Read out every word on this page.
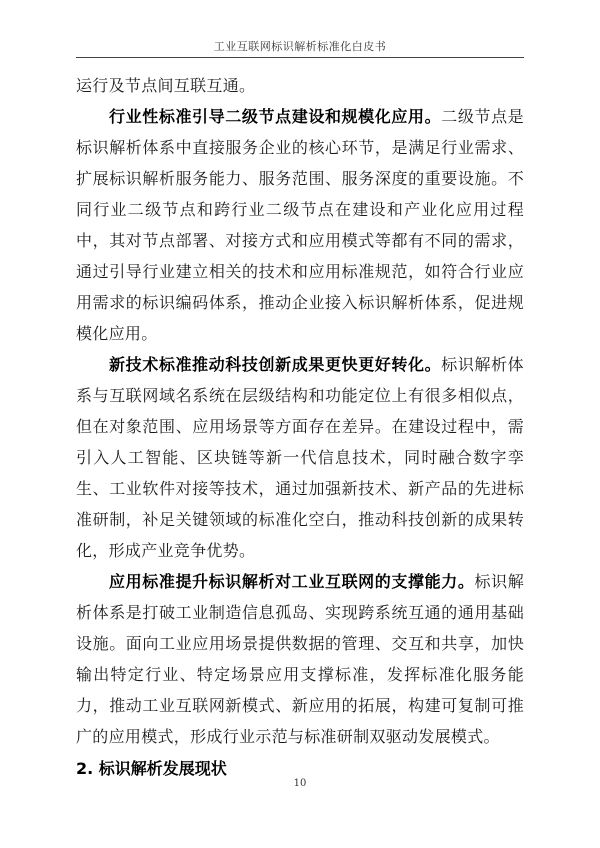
工业互联网标识解析标准化白皮书

运行及节点间互联互通。

行业性标准引导二级节点建设和规模化应用。二级节点是标识解析体系中直接服务企业的核心环节，是满足行业需求、扩展标识解析服务能力、服务范围、服务深度的重要设施。不同行业二级节点和跨行业二级节点在建设和产业化应用过程中，其对节点部署、对接方式和应用模式等都有不同的需求，通过引导行业建立相关的技术和应用标准规范，如符合行业应用需求的标识编码体系，推动企业接入标识解析体系，促进规模化应用。

新技术标准推动科技创新成果更快更好转化。标识解析体系与互联网域名系统在层级结构和功能定位上有很多相似点，但在对象范围、应用场景等方面存在差异。在建设过程中，需引入人工智能、区块链等新一代信息技术，同时融合数字孪生、工业软件对接等技术，通过加强新技术、新产品的先进标准研制，补足关键领域的标准化空白，推动科技创新的成果转化，形成产业竞争优势。

应用标准提升标识解析对工业互联网的支撑能力。标识解析体系是打破工业制造信息孤岛、实现跨系统互通的通用基础设施。面向工业应用场景提供数据的管理、交互和共享，加快输出特定行业、特定场景应用支撑标准，发挥标准化服务能力，推动工业互联网新模式、新应用的拓展，构建可复制可推广的应用模式，形成行业示范与标准研制双驱动发展模式。

2. 标识解析发展现状
10
